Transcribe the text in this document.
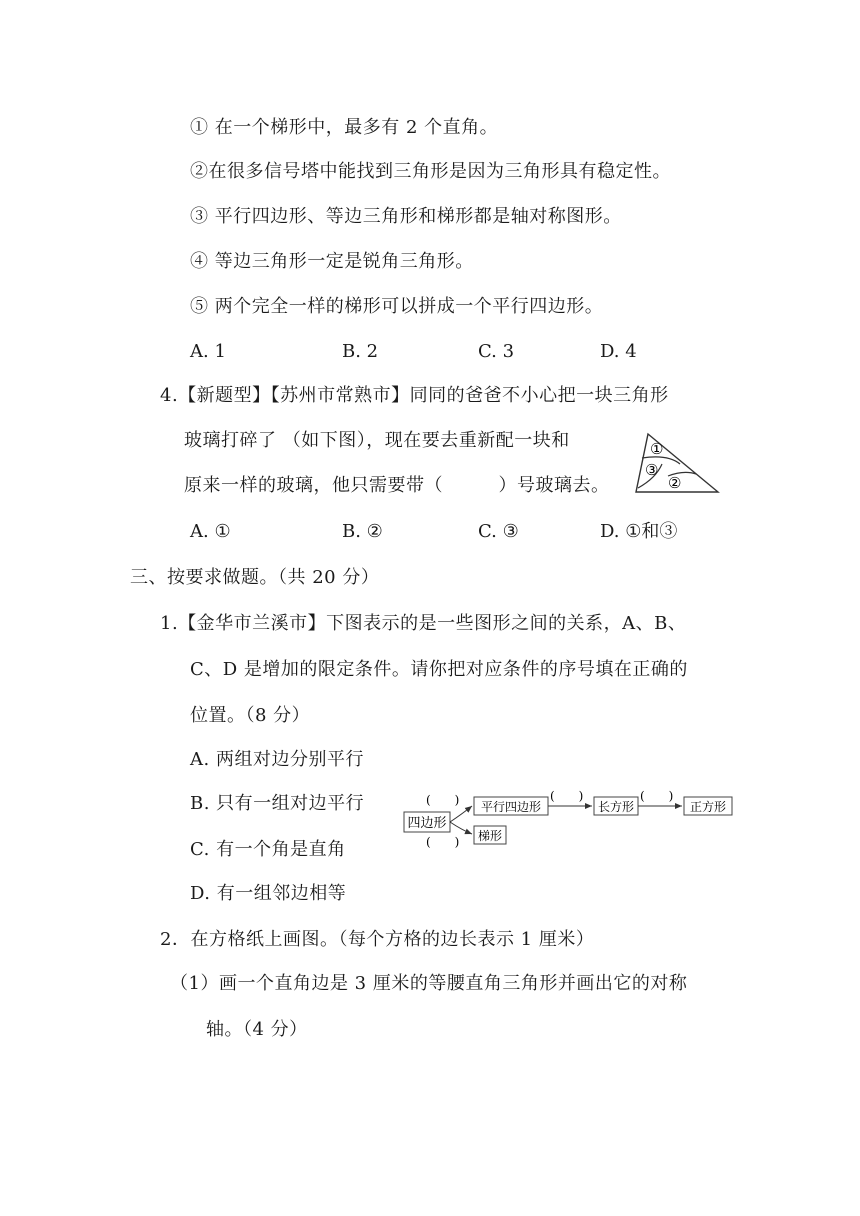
① 在一个梯形中，最多有 2 个直角。
②在很多信号塔中能找到三角形是因为三角形具有稳定性。
③ 平行四边形、等边三角形和梯形都是轴对称图形。
④ 等边三角形一定是锐角三角形。
⑤ 两个完全一样的梯形可以拼成一个平行四边形。
A. 1	B. 2	C. 3	D. 4
4.【新题型】【苏州市常熟市】同同的爸爸不小心把一块三角形
玻璃打碎了 （如下图），现在要去重新配一块和
原来一样的玻璃，他只需要带（　　　）号玻璃去。
①
③
②
A. ①	B. ②	C. ③	D. ①和③
三、按要求做题。（共 20 分）
1.【金华市兰溪市】下图表示的是一些图形之间的关系，A、B、
C、D 是增加的限定条件。请你把对应条件的序号填在正确的
位置。（8 分）
A. 两组对边分别平行
B. 只有一组对边平行
C. 有一个角是直角
D. 有一组邻边相等
四边形
(　　)
(　　)
平行四边形
梯形
(　　)
长方形
(　　)
正方形
2．在方格纸上画图。（每个方格的边长表示 1 厘米）
（1）画一个直角边是 3 厘米的等腰直角三角形并画出它的对称
轴。（4 分）
